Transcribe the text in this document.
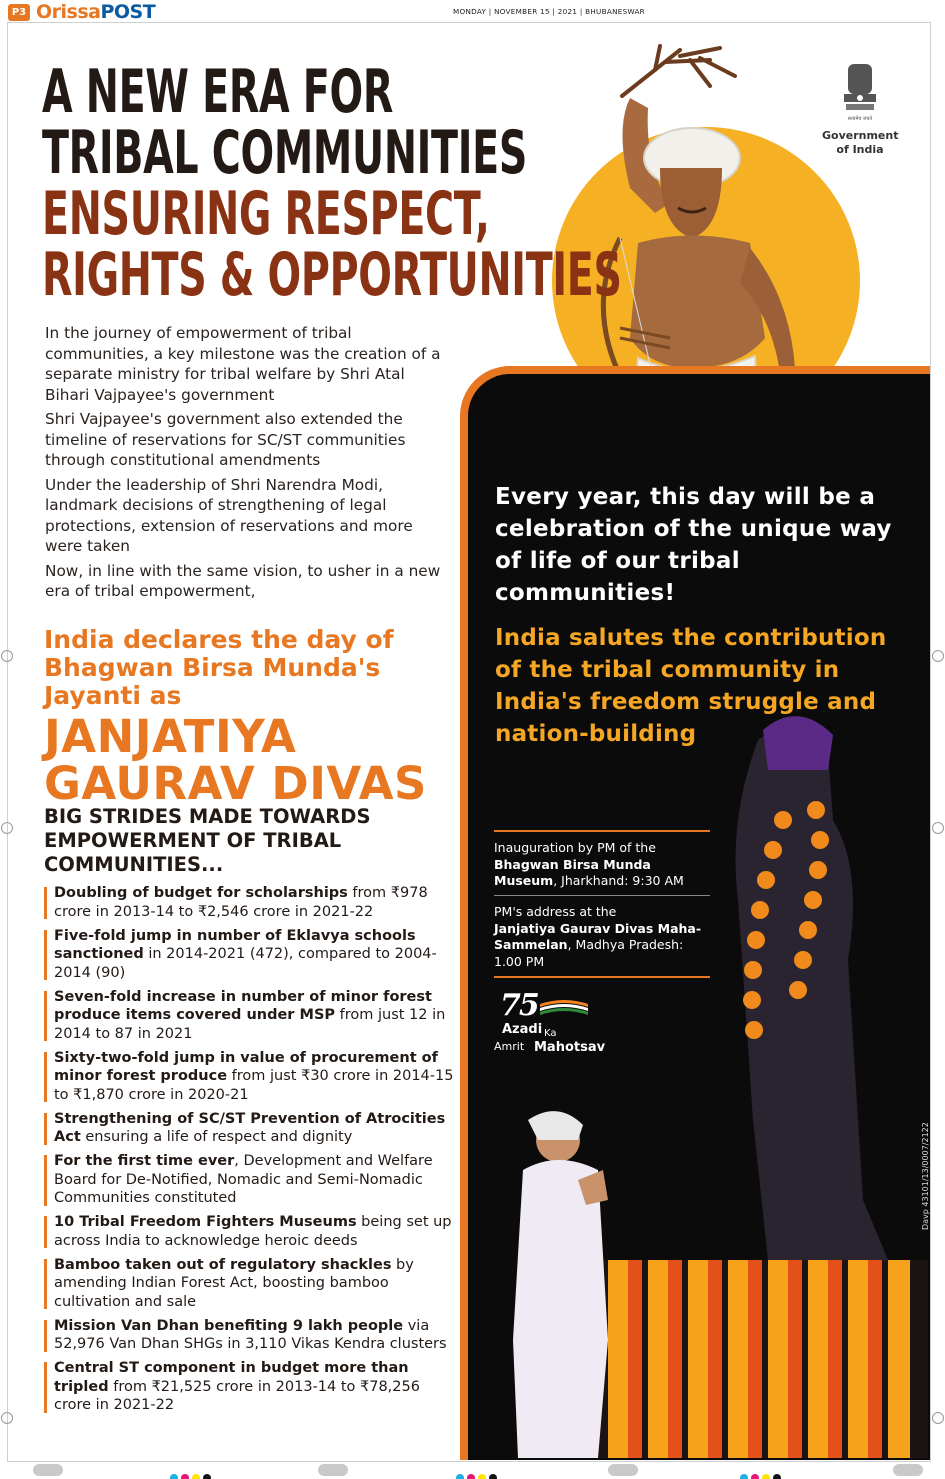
P3 OrissaPOST	MONDAY | NOVEMBER 15 | 2021 | BHUBANESWAR
सत्यमेव जयते
Government
of India
A NEW ERA FOR
TRIBAL COMMUNITIES
ENSURING RESPECT,
RIGHTS & OPPORTUNITIES

In the journey of empowerment of tribal communities, a key milestone was the creation of a separate ministry for tribal welfare by Shri Atal Bihari Vajpayee's government

Shri Vajpayee's government also extended the timeline of reservations for SC/ST communities through constitutional amendments

Under the leadership of Shri Narendra Modi, landmark decisions of strengthening of legal protections, extension of reservations and more were taken

Now, in line with the same vision, to usher in a new era of tribal empowerment,

India declares the day of Bhagwan Birsa Munda's Jayanti as
JANJATIYA
GAURAV DIVAS
BIG STRIDES MADE TOWARDS EMPOWERMENT OF TRIBAL COMMUNITIES...
Doubling of budget for scholarships from ₹978 crore in 2013-14 to ₹2,546 crore in 2021-22
Five-fold jump in number of Eklavya schools sanctioned in 2014-2021 (472), compared to 2004-2014 (90)
Seven-fold increase in number of minor forest produce items covered under MSP from just 12 in 2014 to 87 in 2021
Sixty-two-fold jump in value of procurement of minor forest produce from just ₹30 crore in 2014-15 to ₹1,870 crore in 2020-21
Strengthening of SC/ST Prevention of Atrocities Act ensuring a life of respect and dignity
For the first time ever, Development and Welfare Board for De-Notified, Nomadic and Semi-Nomadic Communities constituted
10 Tribal Freedom Fighters Museums being set up across India to acknowledge heroic deeds
Bamboo taken out of regulatory shackles by amending Indian Forest Act, boosting bamboo cultivation and sale
Mission Van Dhan benefiting 9 lakh people via 52,976 Van Dhan SHGs in 3,110 Vikas Kendra clusters
Central ST component in budget more than tripled from ₹21,525 crore in 2013-14 to ₹78,256 crore in 2021-22
Every year, this day will be a celebration of the unique way of life of our tribal communities!
India salutes the contribution of the tribal community in India's freedom struggle and nation-building
Inauguration by PM of the
Bhagwan Birsa Munda Museum, Jharkhand: 9:30 AM
PM's address at the
Janjatiya Gaurav Divas Maha-Sammelan, Madhya Pradesh: 1.00 PM
75
Azadi Ka
Amrit Mahotsav
